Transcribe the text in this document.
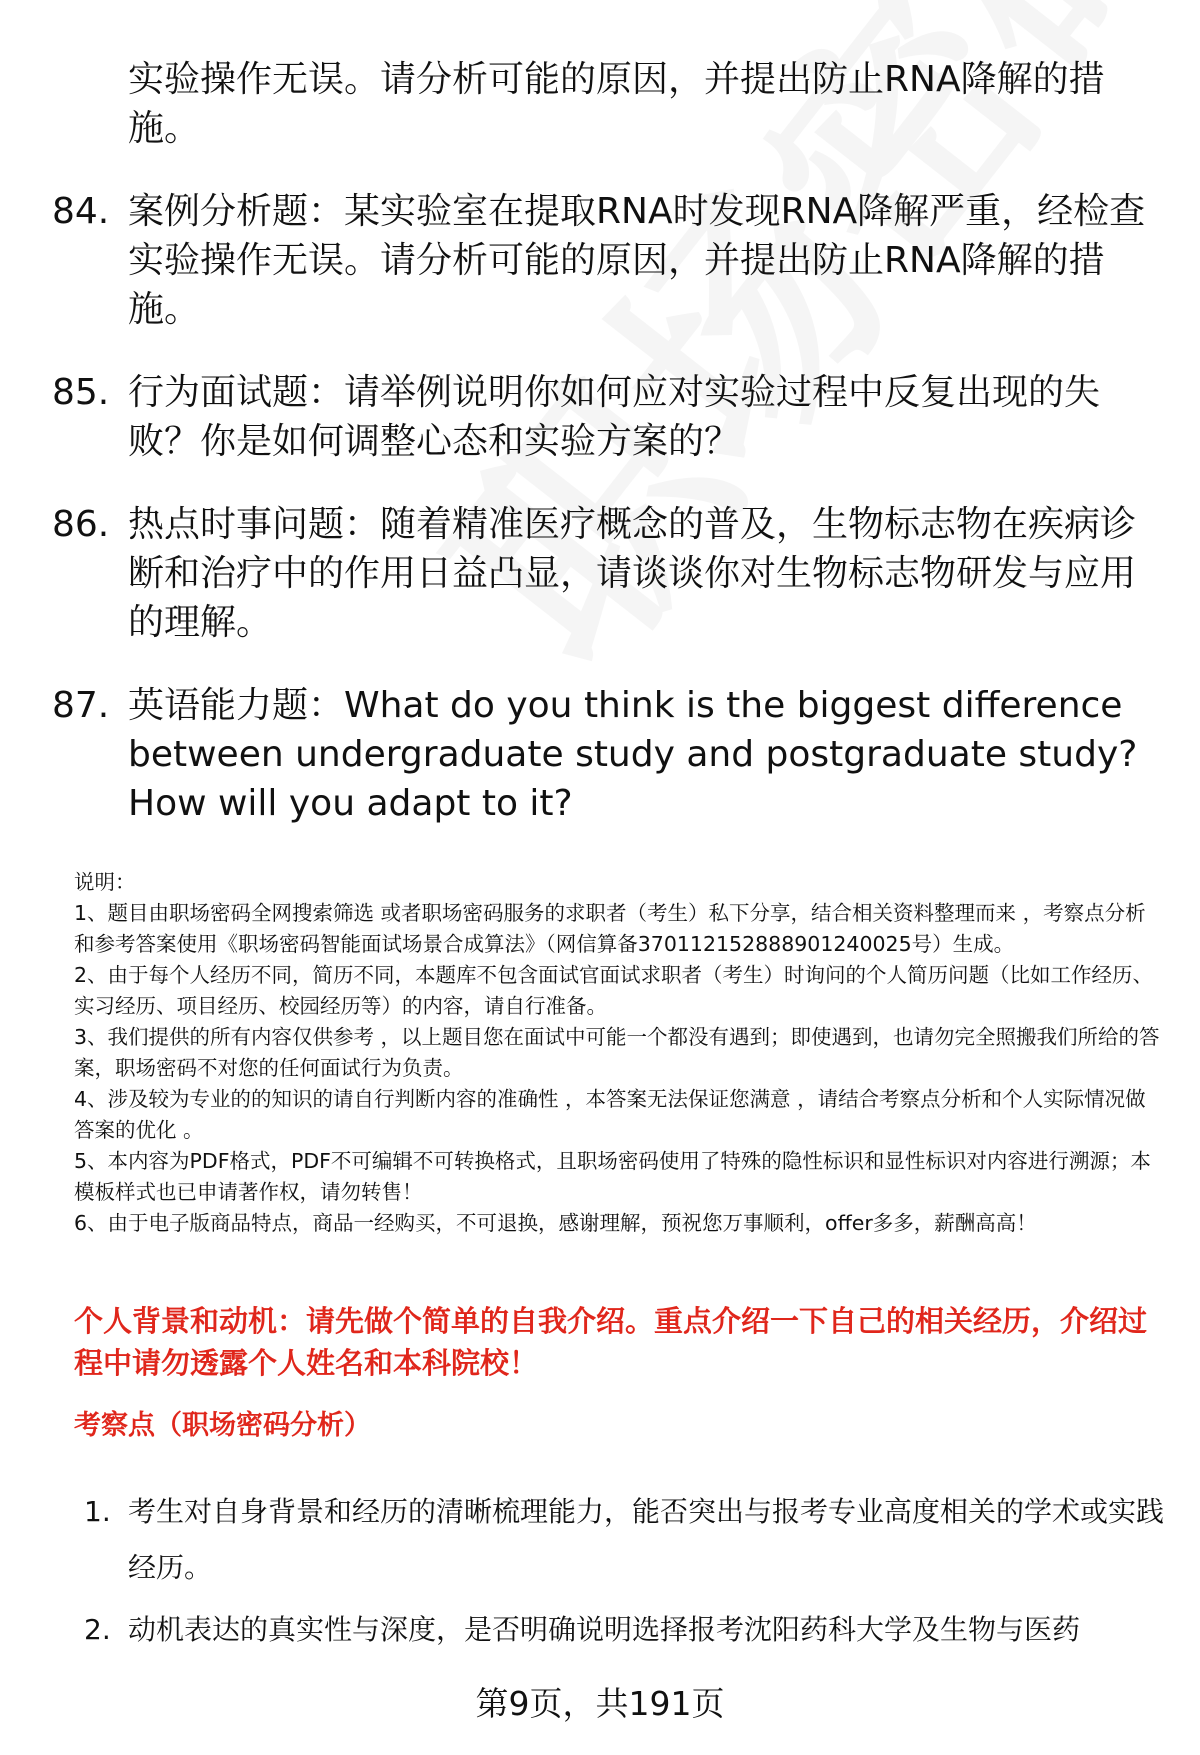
实验操作无误。请分析可能的原因，并提出防止RNA降解的措施。
84. 案例分析题：某实验室在提取RNA时发现RNA降解严重，经检查实验操作无误。请分析可能的原因，并提出防止RNA降解的措施。
85. 行为面试题：请举例说明你如何应对实验过程中反复出现的失败？你是如何调整心态和实验方案的？
86. 热点时事问题：随着精准医疗概念的普及，生物标志物在疾病诊断和治疗中的作用日益凸显，请谈谈你对生物标志物研发与应用的理解。
87. 英语能力题：What do you think is the biggest difference between undergraduate study and postgraduate study? How will you adapt to it?

说明：

1、题目由职场密码全网搜索筛选 或者职场密码服务的求职者（考生）私下分享，结合相关资料整理而来 ，考察点分析和参考答案使用《职场密码智能面试场景合成算法》（网信算备370112152888901240025号）生成。

2、由于每个人经历不同，简历不同，本题库不包含面试官面试求职者（考生）时询问的个人简历问题（比如工作经历、实习经历、项目经历、校园经历等）的内容，请自行准备。

3、我们提供的所有内容仅供参考 ，以上题目您在面试中可能一个都没有遇到；即使遇到，也请勿完全照搬我们所给的答案，职场密码不对您的任何面试行为负责。

4、涉及较为专业的的知识的请自行判断内容的准确性 ，本答案无法保证您满意 ，请结合考察点分析和个人实际情况做答案的优化 。

5、本内容为PDF格式，PDF不可编辑不可转换格式，且职场密码使用了特殊的隐性标识和显性标识对内容进行溯源；本模板样式也已申请著作权，请勿转售！

6、由于电子版商品特点，商品一经购买，不可退换，感谢理解，预祝您万事顺利，offer多多，薪酬高高！

个人背景和动机：请先做个简单的自我介绍。重点介绍一下自己的相关经历，介绍过程中请勿透露个人姓名和本科院校！
考察点（职场密码分析）
1. 考生对自身背景和经历的清晰梳理能力，能否突出与报考专业高度相关的学术或实践经历。
2. 动机表达的真实性与深度，是否明确说明选择报考沈阳药科大学及生物与医药
第9页，共191页
